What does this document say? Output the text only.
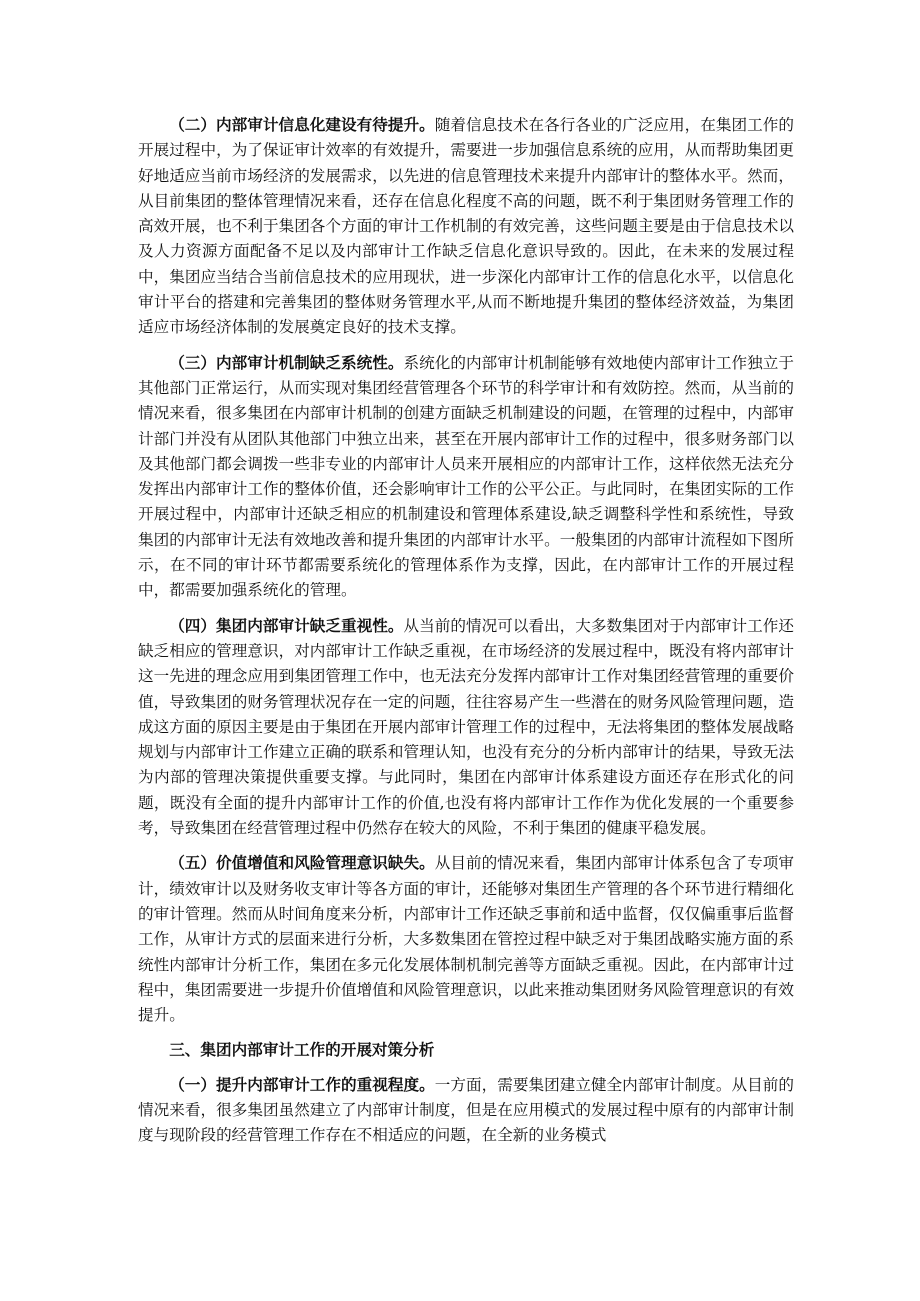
（二）内部审计信息化建设有待提升。随着信息技术在各行各业的广泛应用，在集团工作的开展过程中，为了保证审计效率的有效提升，需要进一步加强信息系统的应用，从而帮助集团更好地适应当前市场经济的发展需求，以先进的信息管理技术来提升内部审计的整体水平。然而，从目前集团的整体管理情况来看，还存在信息化程度不高的问题，既不利于集团财务管理工作的高效开展，也不利于集团各个方面的审计工作机制的有效完善，这些问题主要是由于信息技术以及人力资源方面配备不足以及内部审计工作缺乏信息化意识导致的。因此，在未来的发展过程中，集团应当结合当前信息技术的应用现状，进一步深化内部审计工作的信息化水平，以信息化审计平台的搭建和完善集团的整体财务管理水平,从而不断地提升集团的整体经济效益，为集团适应市场经济体制的发展奠定良好的技术支撑。

（三）内部审计机制缺乏系统性。系统化的内部审计机制能够有效地使内部审计工作独立于其他部门正常运行，从而实现对集团经营管理各个环节的科学审计和有效防控。然而，从当前的情况来看，很多集团在内部审计机制的创建方面缺乏机制建设的问题，在管理的过程中，内部审计部门并没有从团队其他部门中独立出来，甚至在开展内部审计工作的过程中，很多财务部门以及其他部门都会调拨一些非专业的内部审计人员来开展相应的内部审计工作，这样依然无法充分发挥出内部审计工作的整体价值，还会影响审计工作的公平公正。与此同时，在集团实际的工作开展过程中，内部审计还缺乏相应的机制建设和管理体系建设,缺乏调整科学性和系统性，导致集团的内部审计无法有效地改善和提升集团的内部审计水平。一般集团的内部审计流程如下图所示，在不同的审计环节都需要系统化的管理体系作为支撑，因此，在内部审计工作的开展过程中，都需要加强系统化的管理。

（四）集团内部审计缺乏重视性。从当前的情况可以看出，大多数集团对于内部审计工作还缺乏相应的管理意识，对内部审计工作缺乏重视，在市场经济的发展过程中，既没有将内部审计这一先进的理念应用到集团管理工作中，也无法充分发挥内部审计工作对集团经营管理的重要价值，导致集团的财务管理状况存在一定的问题，往往容易产生一些潜在的财务风险管理问题，造成这方面的原因主要是由于集团在开展内部审计管理工作的过程中，无法将集团的整体发展战略规划与内部审计工作建立正确的联系和管理认知，也没有充分的分析内部审计的结果，导致无法为内部的管理决策提供重要支撑。与此同时，集团在内部审计体系建设方面还存在形式化的问题，既没有全面的提升内部审计工作的价值,也没有将内部审计工作作为优化发展的一个重要参考，导致集团在经营管理过程中仍然存在较大的风险，不利于集团的健康平稳发展。

（五）价值增值和风险管理意识缺失。从目前的情况来看，集团内部审计体系包含了专项审计，绩效审计以及财务收支审计等各方面的审计，还能够对集团生产管理的各个环节进行精细化的审计管理。然而从时间角度来分析，内部审计工作还缺乏事前和适中监督，仅仅偏重事后监督工作，从审计方式的层面来进行分析，大多数集团在管控过程中缺乏对于集团战略实施方面的系统性内部审计分析工作，集团在多元化发展体制机制完善等方面缺乏重视。因此，在内部审计过程中，集团需要进一步提升价值增值和风险管理意识，以此来推动集团财务风险管理意识的有效提升。

三、集团内部审计工作的开展对策分析

（一）提升内部审计工作的重视程度。一方面，需要集团建立健全内部审计制度。从目前的情况来看，很多集团虽然建立了内部审计制度，但是在应用模式的发展过程中原有的内部审计制度与现阶段的经营管理工作存在不相适应的问题，在全新的业务模式
